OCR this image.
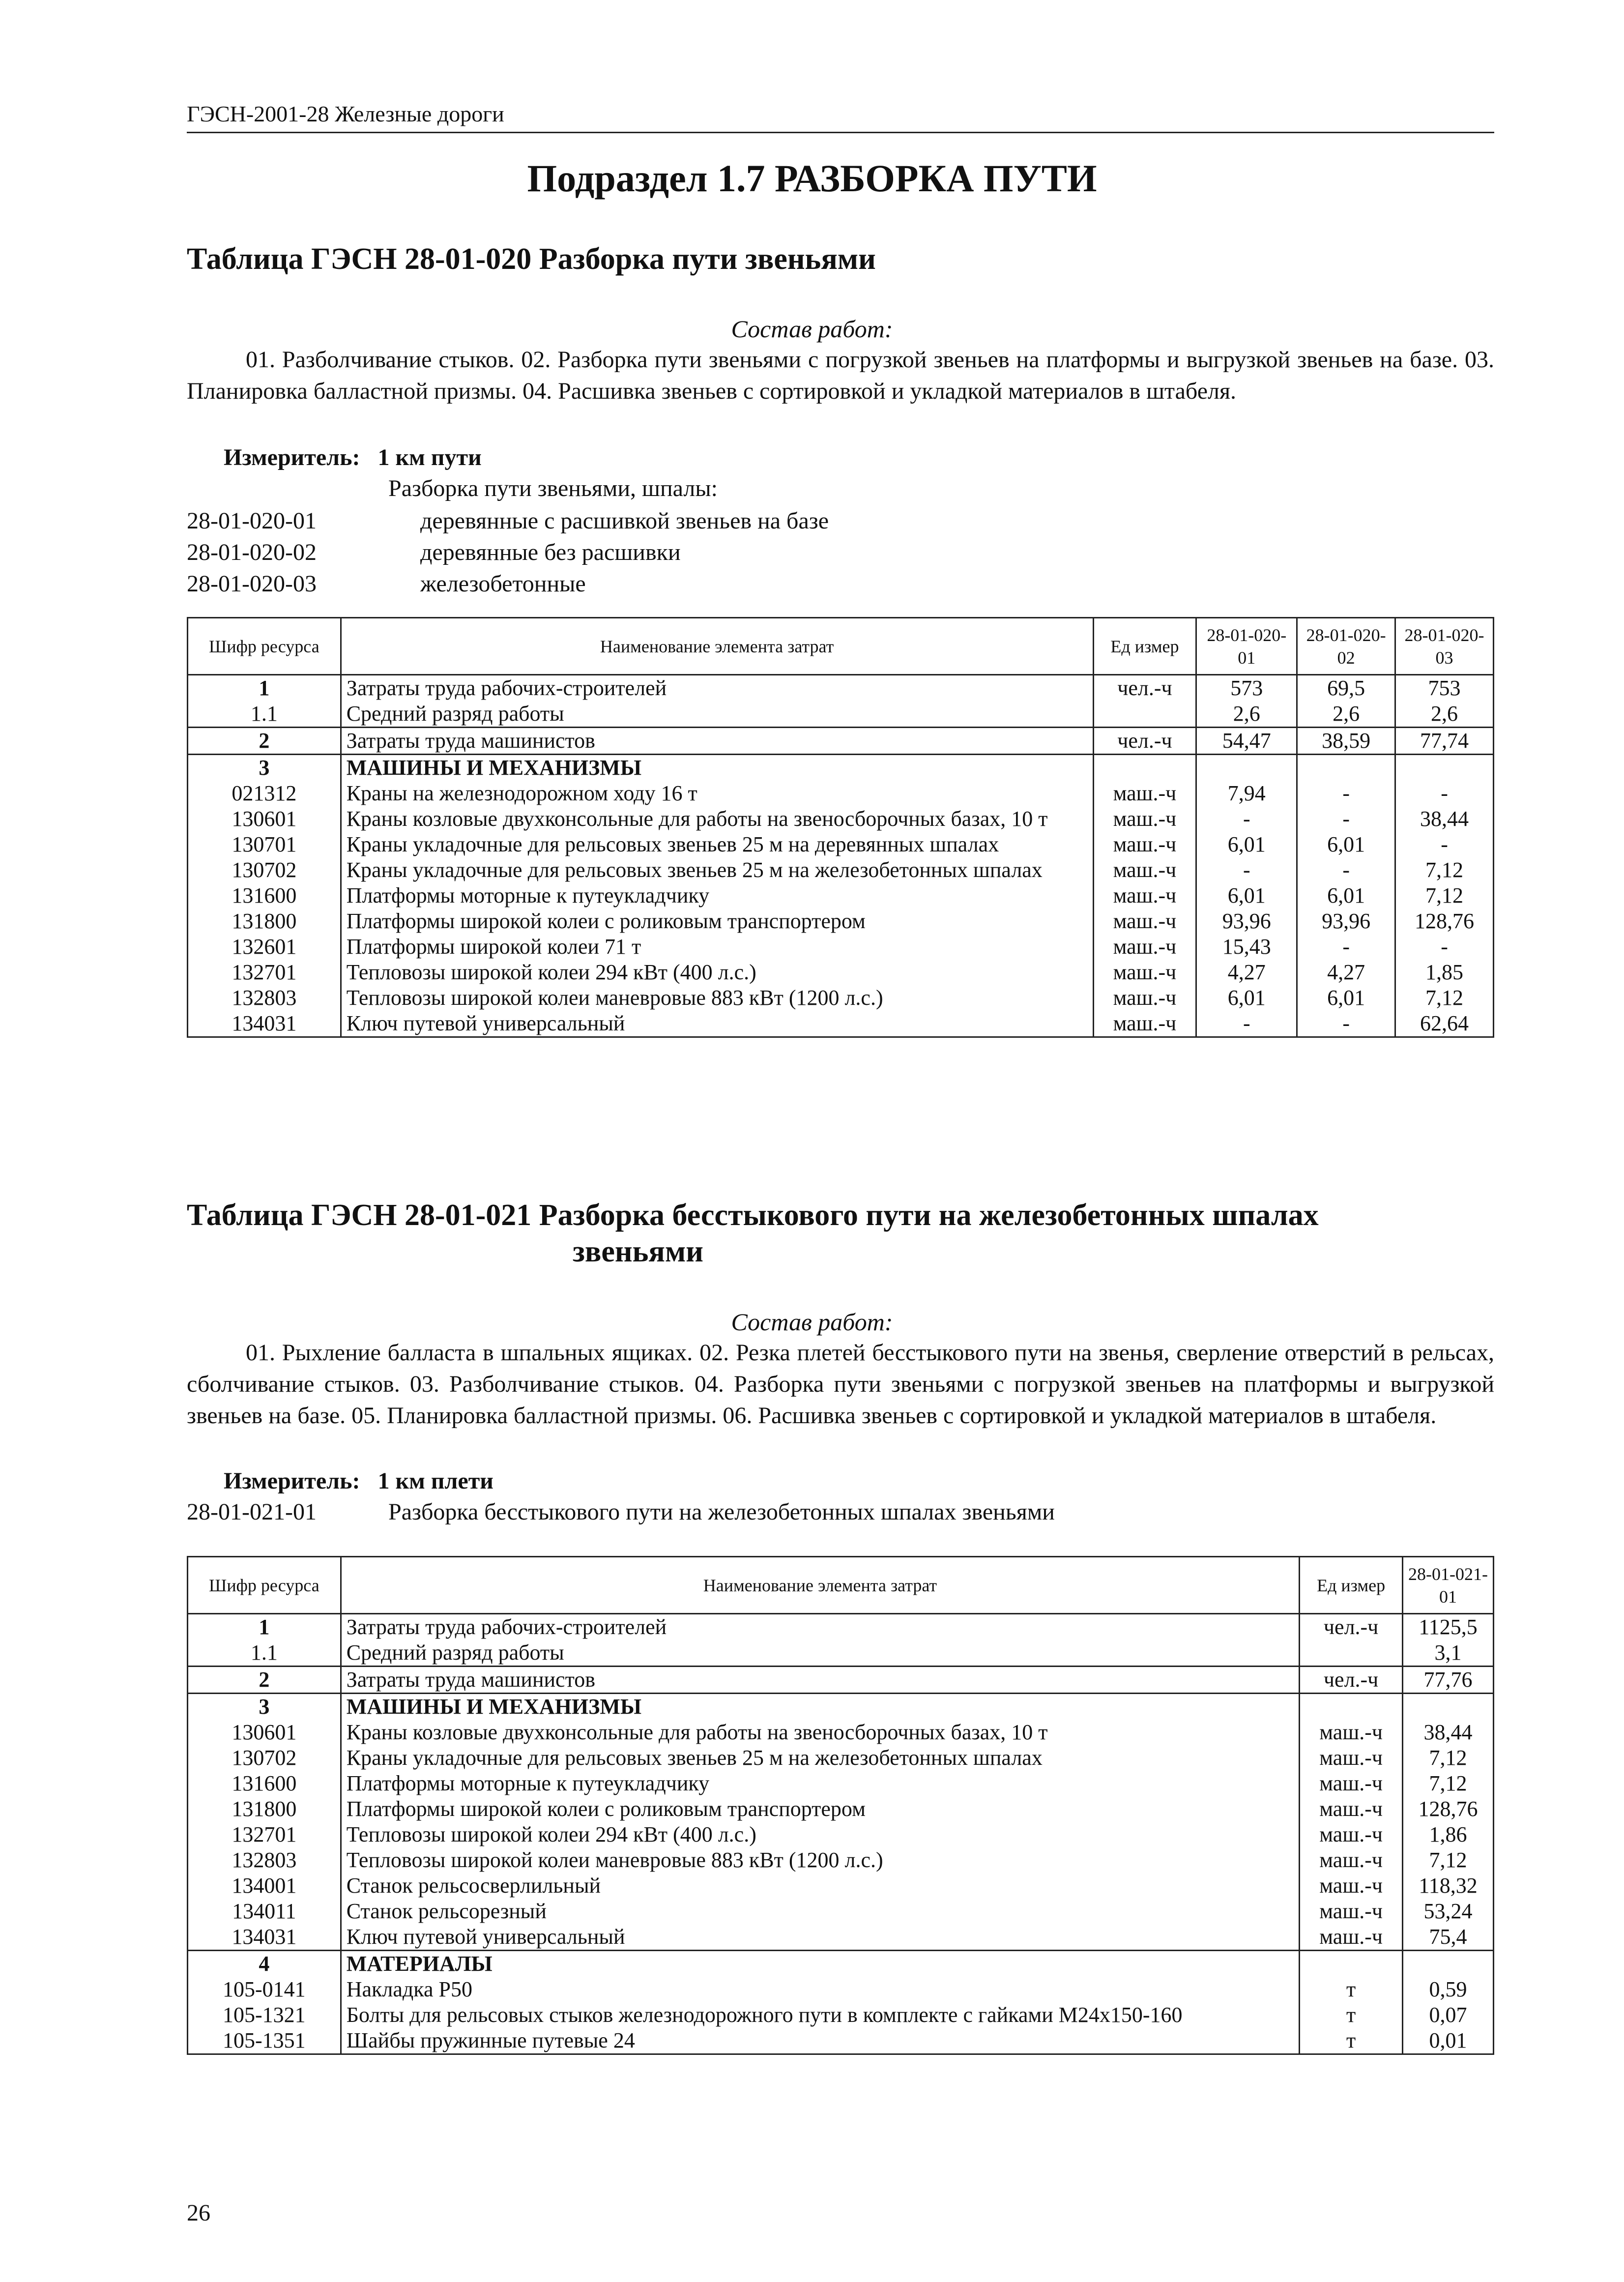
ГЭСН-2001-28 Железные дороги
Подраздел 1.7 РАЗБОРКА ПУТИ
Таблица ГЭСН 28-01-020 Разборка пути звеньями
Состав работ:
01. Разболчивание стыков. 02. Разборка пути звеньями с погрузкой звеньев на платформы и выгрузкой звеньев на базе. 03. Планировка балластной призмы. 04. Расшивка звеньев с сортировкой и укладкой материалов в штабеля.
Измеритель: 1 км пути
Разборка пути звеньями, шпалы:
28-01-020-01	деревянные с расшивкой звеньев на базе
28-01-020-02	деревянные без расшивки
28-01-020-03	железобетонные
Шифр ресурса	Наименование элемента затрат	Ед измер	28-01-020-01	28-01-020-02	28-01-020-03
1	Затраты труда рабочих-строителей	чел.-ч	573	69,5	753
1.1	Средний разряд работы		2,6	2,6	2,6
2	Затраты труда машинистов	чел.-ч	54,47	38,59	77,74
3	МАШИНЫ И МЕХАНИЗМЫ				
021312	Краны на железнодорожном ходу 16 т	маш.-ч	7,94	-	-
130601	Краны козловые двухконсольные для работы на звеносборочных базах, 10 т	маш.-ч	-	-	38,44
130701	Краны укладочные для рельсовых звеньев 25 м на деревянных шпалах	маш.-ч	6,01	6,01	-
130702	Краны укладочные для рельсовых звеньев 25 м на железобетонных шпалах	маш.-ч	-	-	7,12
131600	Платформы моторные к путеукладчику	маш.-ч	6,01	6,01	7,12
131800	Платформы широкой колеи с роликовым транспортером	маш.-ч	93,96	93,96	128,76
132601	Платформы широкой колеи 71 т	маш.-ч	15,43	-	-
132701	Тепловозы широкой колеи 294 кВт (400 л.с.)	маш.-ч	4,27	4,27	1,85
132803	Тепловозы широкой колеи маневровые 883 кВт (1200 л.с.)	маш.-ч	6,01	6,01	7,12
134031	Ключ путевой универсальный	маш.-ч	-	-	62,64
Таблица ГЭСН 28-01-021 Разборка бесстыкового пути на железобетонных шпалах
звеньями
Состав работ:
01. Рыхление балласта в шпальных ящиках. 02. Резка плетей бесстыкового пути на звенья, сверление отверстий в рельсах, сболчивание стыков. 03. Разболчивание стыков. 04. Разборка пути звеньями с погрузкой звеньев на платформы и выгрузкой звеньев на базе. 05. Планировка балластной призмы. 06. Расшивка звеньев с сортировкой и укладкой материалов в штабеля.
Измеритель: 1 км плети
28-01-021-01	Разборка бесстыкового пути на железобетонных шпалах звеньями
Шифр ресурса	Наименование элемента затрат	Ед измер	28-01-021-01
1	Затраты труда рабочих-строителей	чел.-ч	1125,5
1.1	Средний разряд работы		3,1
2	Затраты труда машинистов	чел.-ч	77,76
3	МАШИНЫ И МЕХАНИЗМЫ		
130601	Краны козловые двухконсольные для работы на звеносборочных базах, 10 т	маш.-ч	38,44
130702	Краны укладочные для рельсовых звеньев 25 м на железобетонных шпалах	маш.-ч	7,12
131600	Платформы моторные к путеукладчику	маш.-ч	7,12
131800	Платформы широкой колеи с роликовым транспортером	маш.-ч	128,76
132701	Тепловозы широкой колеи 294 кВт (400 л.с.)	маш.-ч	1,86
132803	Тепловозы широкой колеи маневровые 883 кВт (1200 л.с.)	маш.-ч	7,12
134001	Станок рельсосверлильный	маш.-ч	118,32
134011	Станок рельсорезный	маш.-ч	53,24
134031	Ключ путевой универсальный	маш.-ч	75,4
4	МАТЕРИАЛЫ		
105-0141	Накладка Р50	т	0,59
105-1321	Болты для рельсовых стыков железнодорожного пути в комплекте с гайками М24х150-160	т	0,07
105-1351	Шайбы пружинные путевые 24	т	0,01
26
